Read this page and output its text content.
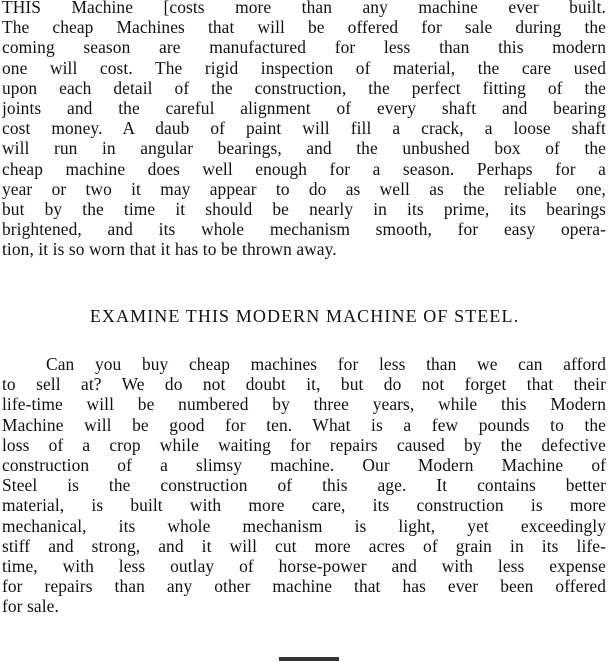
THIS Machine [costs more than any machine ever built.
The cheap Machines that will be offered for sale during the
coming season are manufactured for less than this modern
one will cost. The rigid inspection of material, the care used
upon each detail of the construction, the perfect fitting of the
joints and the careful alignment of every shaft and bearing
cost money. A daub of paint will fill a crack, a loose shaft
will run in angular bearings, and the unbushed box of the
cheap machine does well enough for a season. Perhaps for a
year or two it may appear to do as well as the reliable one,
but by the time it should be nearly in its prime, its bearings
brightened, and its whole mechanism smooth, for easy opera-
tion, it is so worn that it has to be thrown away.
EXAMINE THIS MODERN MACHINE OF STEEL.
Can you buy cheap machines for less than we can afford
to sell at? We do not doubt it, but do not forget that their
life-time will be numbered by three years, while this Modern
Machine will be good for ten. What is a few pounds to the
loss of a crop while waiting for repairs caused by the defective
construction of a slimsy machine. Our Modern Machine of
Steel is the construction of this age. It contains better
material, is built with more care, its construction is more
mechanical, its whole mechanism is light, yet exceedingly
stiff and strong, and it will cut more acres of grain in its life-
time, with less outlay of horse-power and with less expense
for repairs than any other machine that has ever been offered
for sale.
